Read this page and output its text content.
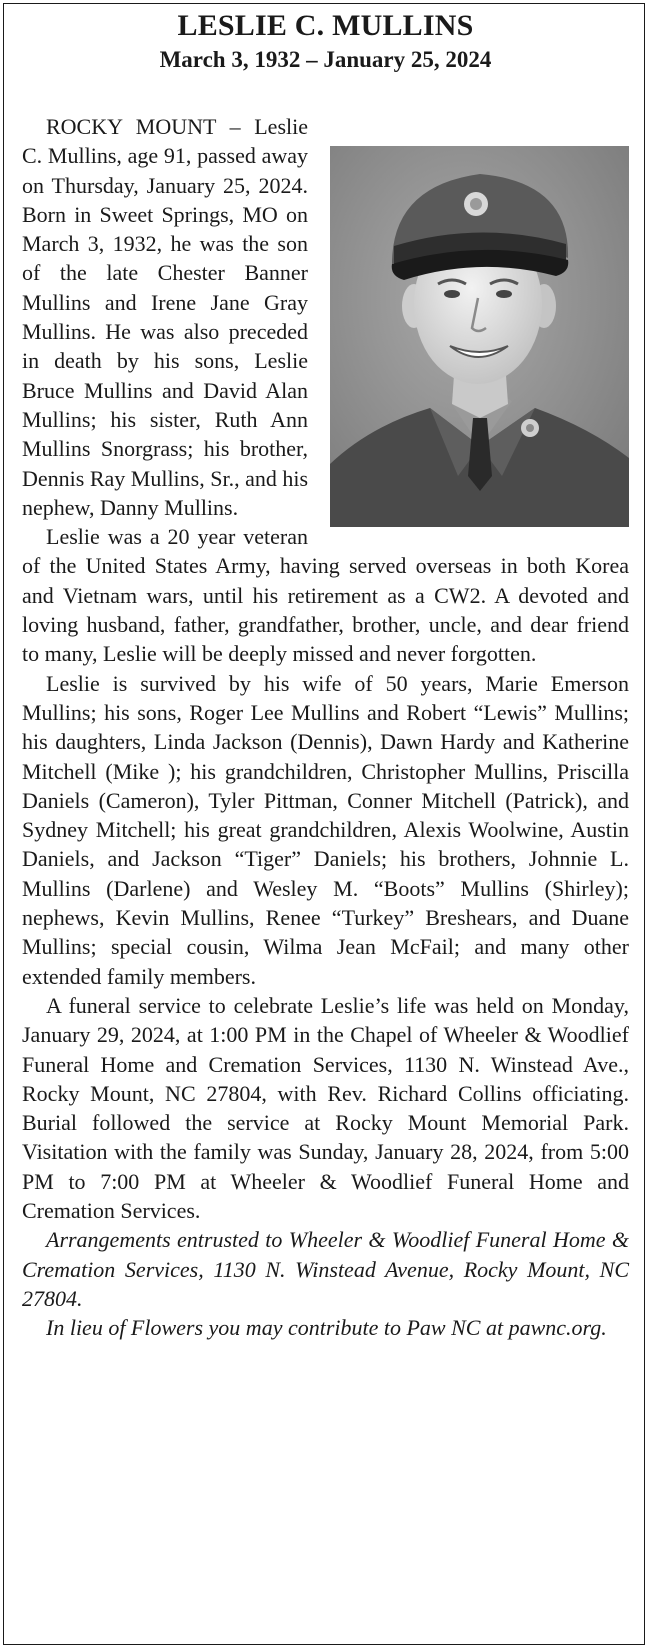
LESLIE C. MULLINS
March 3, 1932 – January 25, 2024

ROCKY MOUNT – Leslie C. Mullins, age 91, passed away on Thursday, January 25, 2024. Born in Sweet Springs, MO on March 3, 1932, he was the son of the late Chester Banner Mullins and Irene Jane Gray Mullins. He was also preceded in death by his sons, Leslie Bruce Mullins and David Alan Mullins; his sister, Ruth Ann Mullins Snorgrass; his brother, Dennis Ray Mullins, Sr., and his nephew, Danny Mullins.

Leslie was a 20 year veteran of the United States Army, having served overseas in both Korea and Vietnam wars, until his retirement as a CW2. A devoted and loving husband, father, grandfather, brother, uncle, and dear friend to many, Leslie will be deeply missed and never forgotten.

Leslie is survived by his wife of 50 years, Marie Emerson Mullins; his sons, Roger Lee Mullins and Robert “Lewis” Mullins; his daughters, Linda Jackson (Dennis), Dawn Hardy and Katherine Mitchell (Mike ); his grandchildren, Christopher Mullins, Priscilla Daniels (Cameron), Tyler Pittman, Conner Mitchell (Patrick), and Sydney Mitchell; his great grandchildren, Alexis Woolwine, Austin Daniels, and Jackson “Tiger” Daniels; his brothers, Johnnie L. Mullins (Darlene) and Wesley M. “Boots” Mullins (Shirley); nephews, Kevin Mullins, Renee “Turkey” Breshears, and Duane Mullins; special cousin, Wilma Jean McFail; and many other extended family members.

A funeral service to celebrate Leslie’s life was held on Monday, January 29, 2024, at 1:00 PM in the Chapel of Wheeler & Woodlief Funeral Home and Cremation Services, 1130 N. Winstead Ave., Rocky Mount, NC 27804, with Rev. Richard Collins officiating. Burial followed the service at Rocky Mount Memorial Park. Visitation with the family was Sunday, January 28, 2024, from 5:00 PM to 7:00 PM at Wheeler & Woodlief Funeral Home and Cremation Services.

Arrangements entrusted to Wheeler & Woodlief Funeral Home & Cremation Services, 1130 N. Winstead Avenue, Rocky Mount, NC 27804.

In lieu of Flowers you may contribute to Paw NC at pawnc.org.
